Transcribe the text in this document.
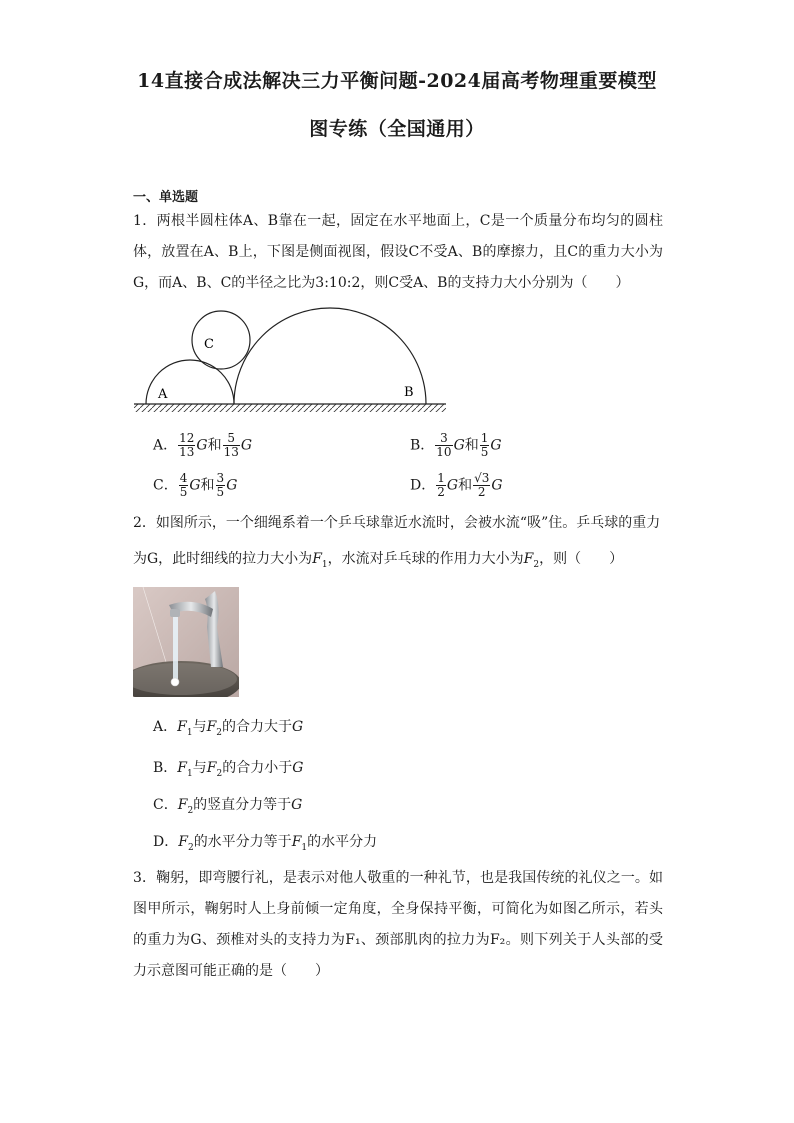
14直接合成法解决三力平衡问题-2024届高考物理重要模型
图专练（全国通用）
一、单选题
1．两根半圆柱体A、B靠在一起，固定在水平地面上，C是一个质量分布均匀的圆柱体，放置在A、B上，下图是侧面视图，假设C不受A、B的摩擦力，且C的重力大小为G，而A、B、C的半径之比为3:10:2，则C受A、B的支持力大小分别为（　　）
A	B
C
A． $\frac{12}{13}$ G和 $\frac{5}{13}$ G	B． $\frac{3}{10}$ G和 $\frac{1}{5}$ G
C． $\frac{4}{5}$ G和 $\frac{3}{5}$ G	D． $\frac{1}{2}$ G和 $\frac{√3}{2}$ G
2．如图所示，一个细绳系着一个乒乓球靠近水流时，会被水流“吸”住。乒乓球的重力
为G，此时细线的拉力大小为$F_1$，水流对乒乓球的作用力大小为$F_2$，则（　　）
A．$F_1$与$F_2$的合力大于G
B．$F_1$与$F_2$的合力小于G
C．$F_2$的竖直分力等于G
D．$F_2$的水平分力等于$F_1$的水平分力
3．鞠躬，即弯腰行礼，是表示对他人敬重的一种礼节，也是我国传统的礼仪之一。如图甲所示，鞠躬时人上身前倾一定角度，全身保持平衡，可简化为如图乙所示，若头的重力为G、颈椎对头的支持力为F₁、颈部肌肉的拉力为F₂。则下列关于人头部的受力示意图可能正确的是（　　）
